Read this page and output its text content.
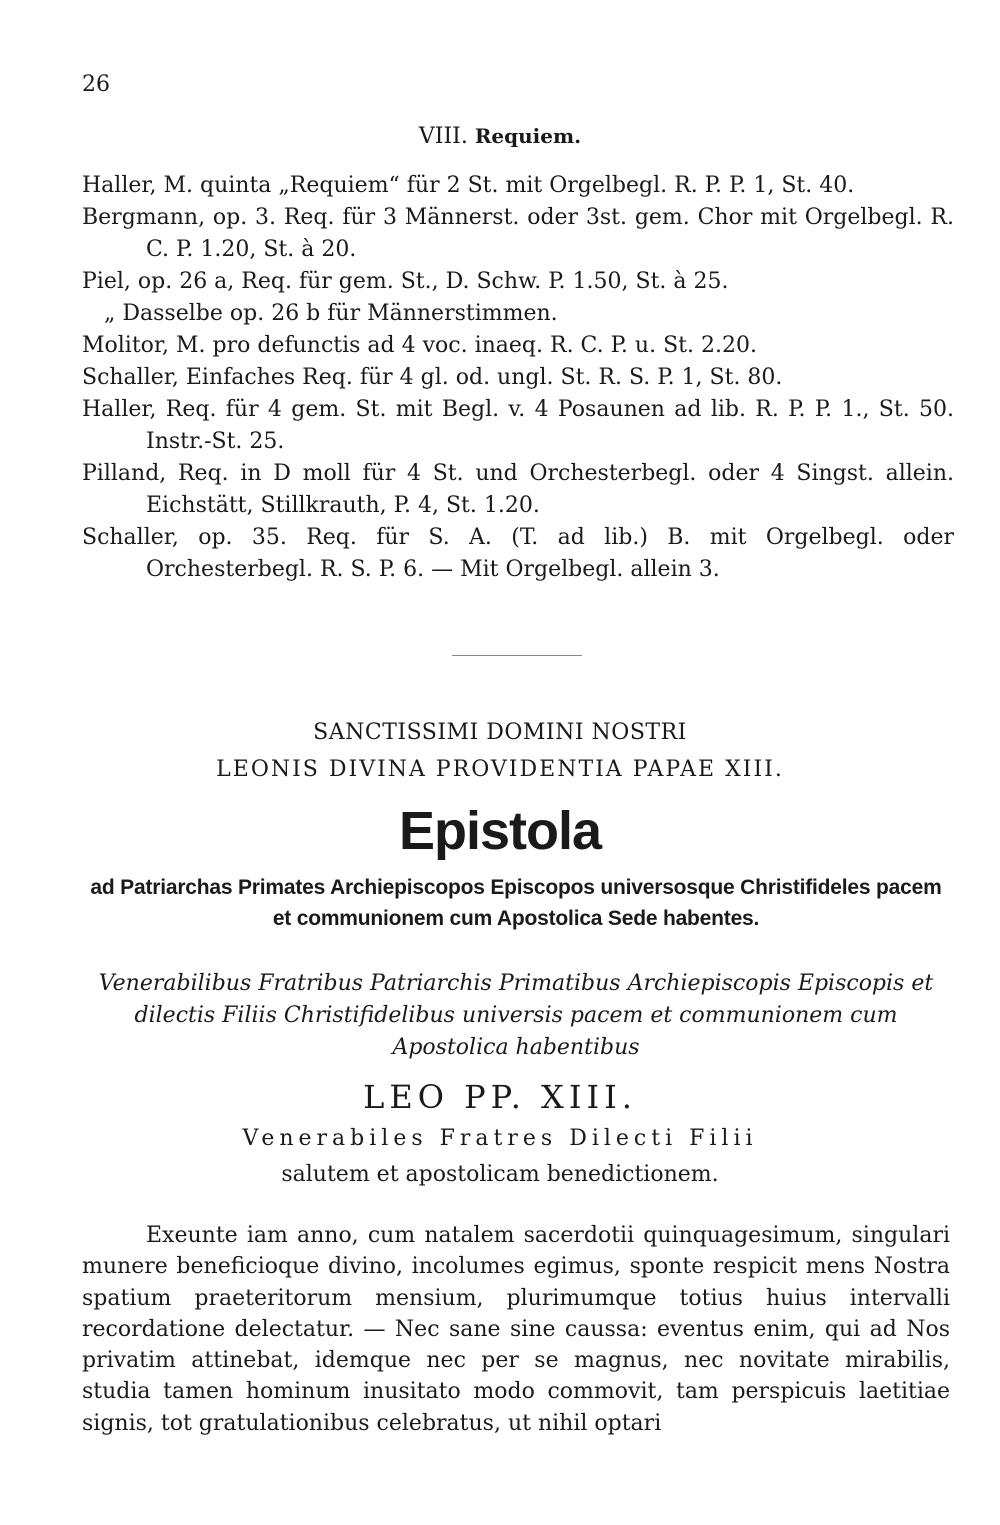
26
VIII. Requiem.

Haller, M. quinta „Requiem“ für 2 St. mit Orgelbegl. R. P. P. 1, St. 40.

Bergmann, op. 3. Req. für 3 Männerst. oder 3st. gem. Chor mit Orgelbegl. R. C. P. 1.20, St. à 20.

Piel, op. 26 a, Req. für gem. St., D. Schw. P. 1.50, St. à 25.

„ Dasselbe op. 26 b für Männerstimmen.

Molitor, M. pro defunctis ad 4 voc. inaeq. R. C. P. u. St. 2.20.

Schaller, Einfaches Req. für 4 gl. od. ungl. St. R. S. P. 1, St. 80.

Haller, Req. für 4 gem. St. mit Begl. v. 4 Posaunen ad lib. R. P. P. 1., St. 50. Instr.-St. 25.

Pilland, Req. in D moll für 4 St. und Orchesterbegl. oder 4 Singst. allein. Eichstätt, Stillkrauth, P. 4, St. 1.20.

Schaller, op. 35. Req. für S. A. (T. ad lib.) B. mit Orgelbegl. oder Orchesterbegl. R. S. P. 6. — Mit Orgelbegl. allein 3.

SANCTISSIMI DOMINI NOSTRI
LEONIS DIVINA PROVIDENTIA PAPAE XIII.
Epistola
ad Patriarchas Primates Archiepiscopos Episcopos universosque Christifideles pacem et communionem cum Apostolica Sede habentes.
Venerabilibus Fratribus Patriarchis Primatibus Archiepiscopis Episcopis et dilectis Filiis Christifidelibus universis pacem et communionem cum Apostolica habentibus
LEO PP. XIII.
Venerabiles Fratres Dilecti Filii
salutem et apostolicam benedictionem.

Exeunte iam anno, cum natalem sacerdotii quinquagesimum, singulari munere beneficioque divino, incolumes egimus, sponte respicit mens Nostra spatium praeteritorum mensium, plurimumque totius huius intervalli recordatione delectatur. — Nec sane sine caussa: eventus enim, qui ad Nos privatim attinebat, idemque nec per se magnus, nec novitate mirabilis, studia tamen hominum inusitato modo commovit, tam perspicuis laetitiae signis, tot gratulationibus celebratus, ut nihil optari
